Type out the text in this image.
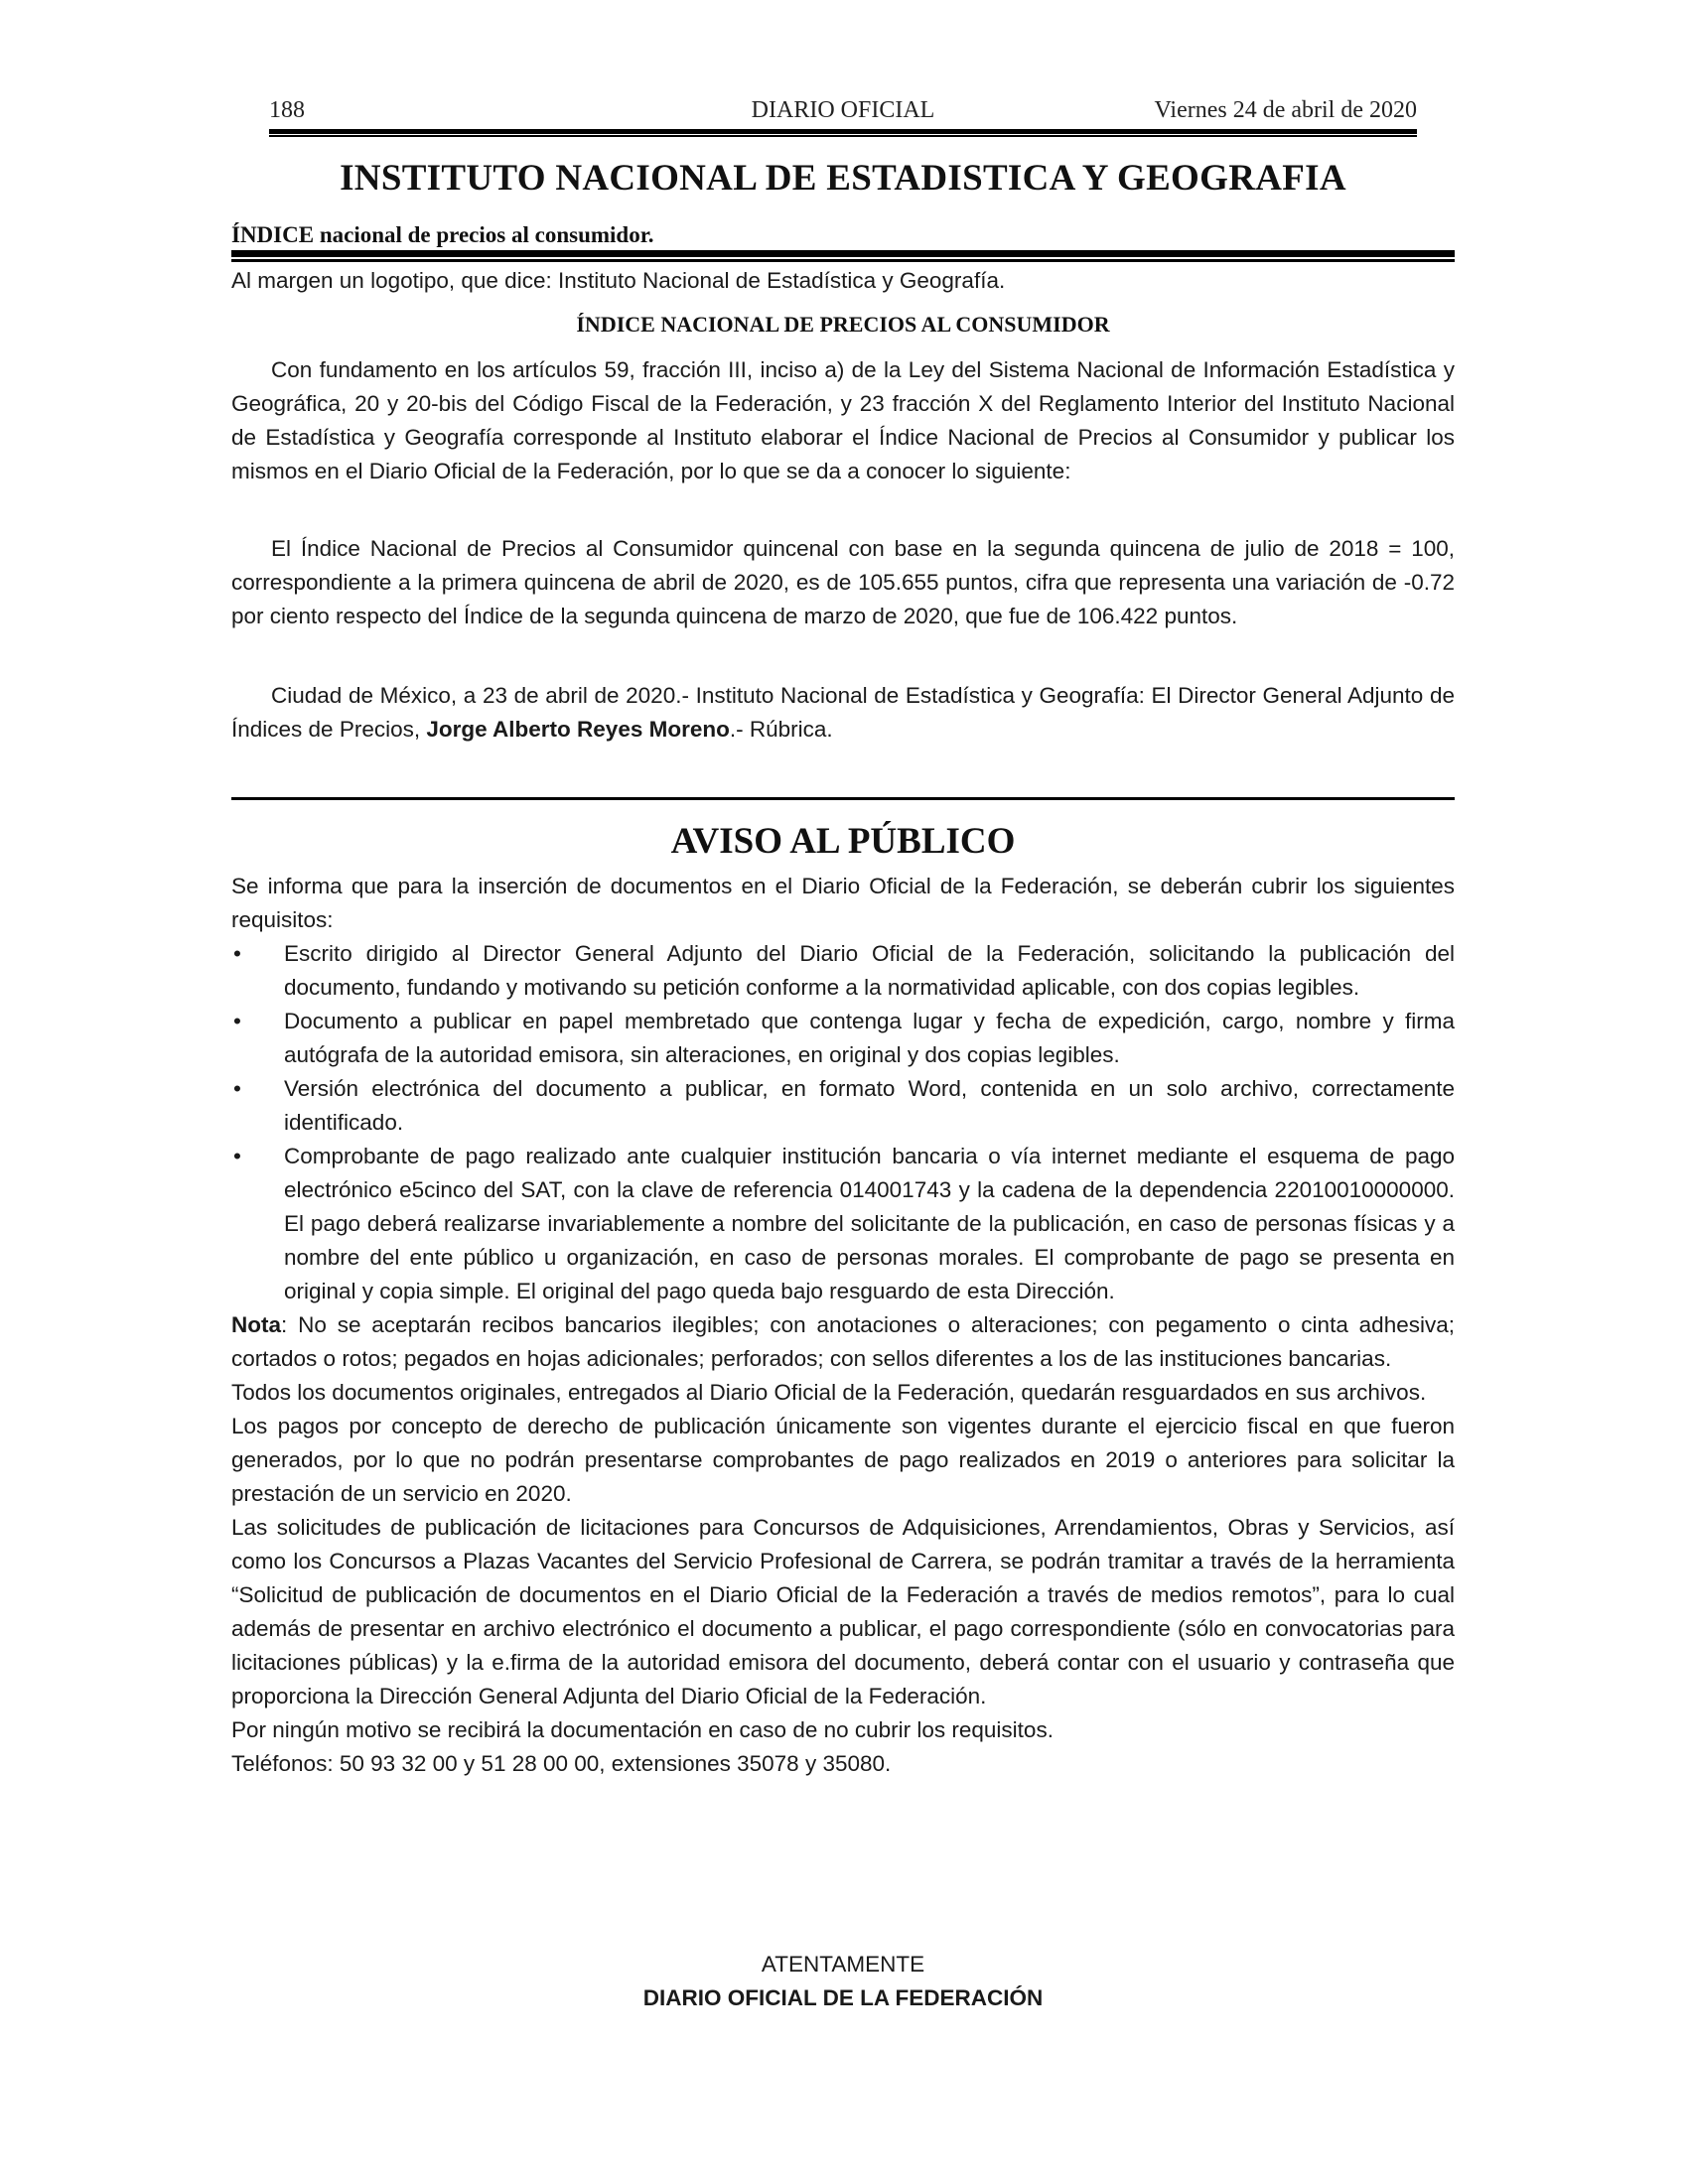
188	DIARIO OFICIAL	Viernes 24 de abril de 2020
INSTITUTO NACIONAL DE ESTADISTICA Y GEOGRAFIA
ÍNDICE nacional de precios al consumidor.
Al margen un logotipo, que dice: Instituto Nacional de Estadística y Geografía.
ÍNDICE NACIONAL DE PRECIOS AL CONSUMIDOR

Con fundamento en los artículos 59, fracción III, inciso a) de la Ley del Sistema Nacional de Información Estadística y Geográfica, 20 y 20-bis del Código Fiscal de la Federación, y 23 fracción X del Reglamento Interior del Instituto Nacional de Estadística y Geografía corresponde al Instituto elaborar el Índice Nacional de Precios al Consumidor y publicar los mismos en el Diario Oficial de la Federación, por lo que se da a conocer lo siguiente:

El Índice Nacional de Precios al Consumidor quincenal con base en la segunda quincena de julio de 2018 = 100, correspondiente a la primera quincena de abril de 2020, es de 105.655 puntos, cifra que representa una variación de -0.72 por ciento respecto del Índice de la segunda quincena de marzo de 2020, que fue de 106.422 puntos.

Ciudad de México, a 23 de abril de 2020.- Instituto Nacional de Estadística y Geografía: El Director General Adjunto de Índices de Precios, Jorge Alberto Reyes Moreno.- Rúbrica.

AVISO AL PÚBLICO

Se informa que para la inserción de documentos en el Diario Oficial de la Federación, se deberán cubrir los siguientes requisitos:

• Escrito dirigido al Director General Adjunto del Diario Oficial de la Federación, solicitando la publicación del documento, fundando y motivando su petición conforme a la normatividad aplicable, con dos copias legibles.
• Documento a publicar en papel membretado que contenga lugar y fecha de expedición, cargo, nombre y firma autógrafa de la autoridad emisora, sin alteraciones, en original y dos copias legibles.
• Versión electrónica del documento a publicar, en formato Word, contenida en un solo archivo, correctamente identificado.
• Comprobante de pago realizado ante cualquier institución bancaria o vía internet mediante el esquema de pago electrónico e5cinco del SAT, con la clave de referencia 014001743 y la cadena de la dependencia 22010010000000. El pago deberá realizarse invariablemente a nombre del solicitante de la publicación, en caso de personas físicas y a nombre del ente público u organización, en caso de personas morales. El comprobante de pago se presenta en original y copia simple. El original del pago queda bajo resguardo de esta Dirección.

Nota: No se aceptarán recibos bancarios ilegibles; con anotaciones o alteraciones; con pegamento o cinta adhesiva; cortados o rotos; pegados en hojas adicionales; perforados; con sellos diferentes a los de las instituciones bancarias.

Todos los documentos originales, entregados al Diario Oficial de la Federación, quedarán resguardados en sus archivos.

Los pagos por concepto de derecho de publicación únicamente son vigentes durante el ejercicio fiscal en que fueron generados, por lo que no podrán presentarse comprobantes de pago realizados en 2019 o anteriores para solicitar la prestación de un servicio en 2020.

Las solicitudes de publicación de licitaciones para Concursos de Adquisiciones, Arrendamientos, Obras y Servicios, así como los Concursos a Plazas Vacantes del Servicio Profesional de Carrera, se podrán tramitar a través de la herramienta “Solicitud de publicación de documentos en el Diario Oficial de la Federación a través de medios remotos”, para lo cual además de presentar en archivo electrónico el documento a publicar, el pago correspondiente (sólo en convocatorias para licitaciones públicas) y la e.firma de la autoridad emisora del documento, deberá contar con el usuario y contraseña que proporciona la Dirección General Adjunta del Diario Oficial de la Federación.

Por ningún motivo se recibirá la documentación en caso de no cubrir los requisitos.

Teléfonos: 50 93 32 00 y 51 28 00 00, extensiones 35078 y 35080.

ATENTAMENTE
DIARIO OFICIAL DE LA FEDERACIÓN
